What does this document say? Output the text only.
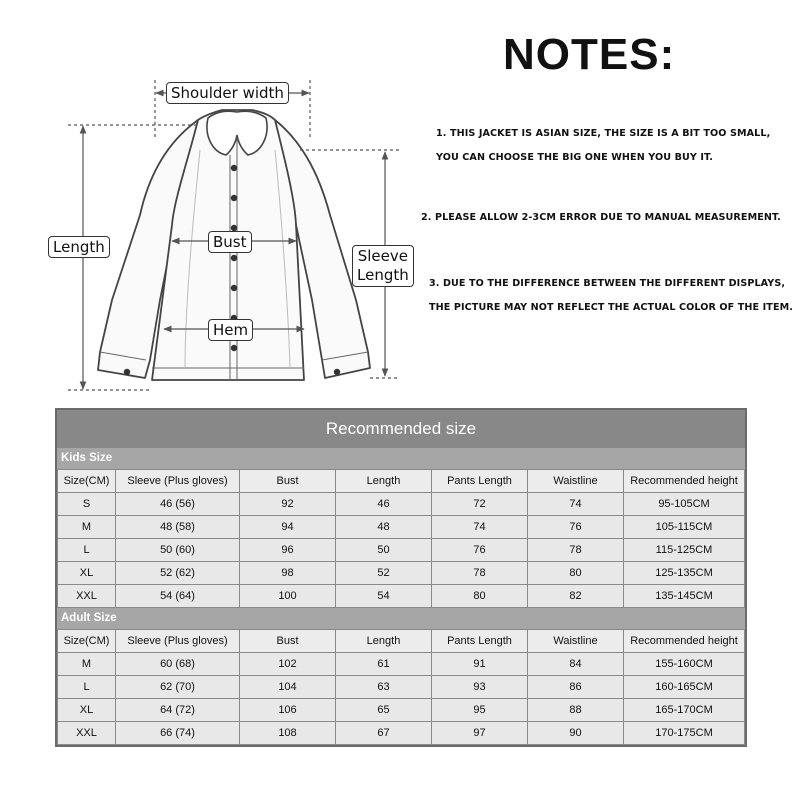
Shoulder width
Length	Bust
Hem
Sleeve
Length
NOTES:
1. THIS JACKET IS ASIAN SIZE, THE SIZE IS A BIT TOO SMALL,
YOU CAN CHOOSE THE BIG ONE WHEN YOU BUY IT.
2. PLEASE ALLOW 2-3CM ERROR DUE TO MANUAL MEASUREMENT.
3. DUE TO THE DIFFERENCE BETWEEN THE DIFFERENT DISPLAYS,
THE PICTURE MAY NOT REFLECT THE ACTUAL COLOR OF THE ITEM.
Recommended size
Kids Size
Size(CM)	Sleeve (Plus gloves)	Bust	Length	Pants Length	Waistline	Recommended height
S	46 (56)	92	46	72	74	95-105CM
M	48 (58)	94	48	74	76	105-115CM
L	50 (60)	96	50	76	78	115-125CM
XL	52 (62)	98	52	78	80	125-135CM
XXL	54 (64)	100	54	80	82	135-145CM
Adult Size
Size(CM)	Sleeve (Plus gloves)	Bust	Length	Pants Length	Waistline	Recommended height
M	60 (68)	102	61	91	84	155-160CM
L	62 (70)	104	63	93	86	160-165CM
XL	64 (72)	106	65	95	88	165-170CM
XXL	66 (74)	108	67	97	90	170-175CM
